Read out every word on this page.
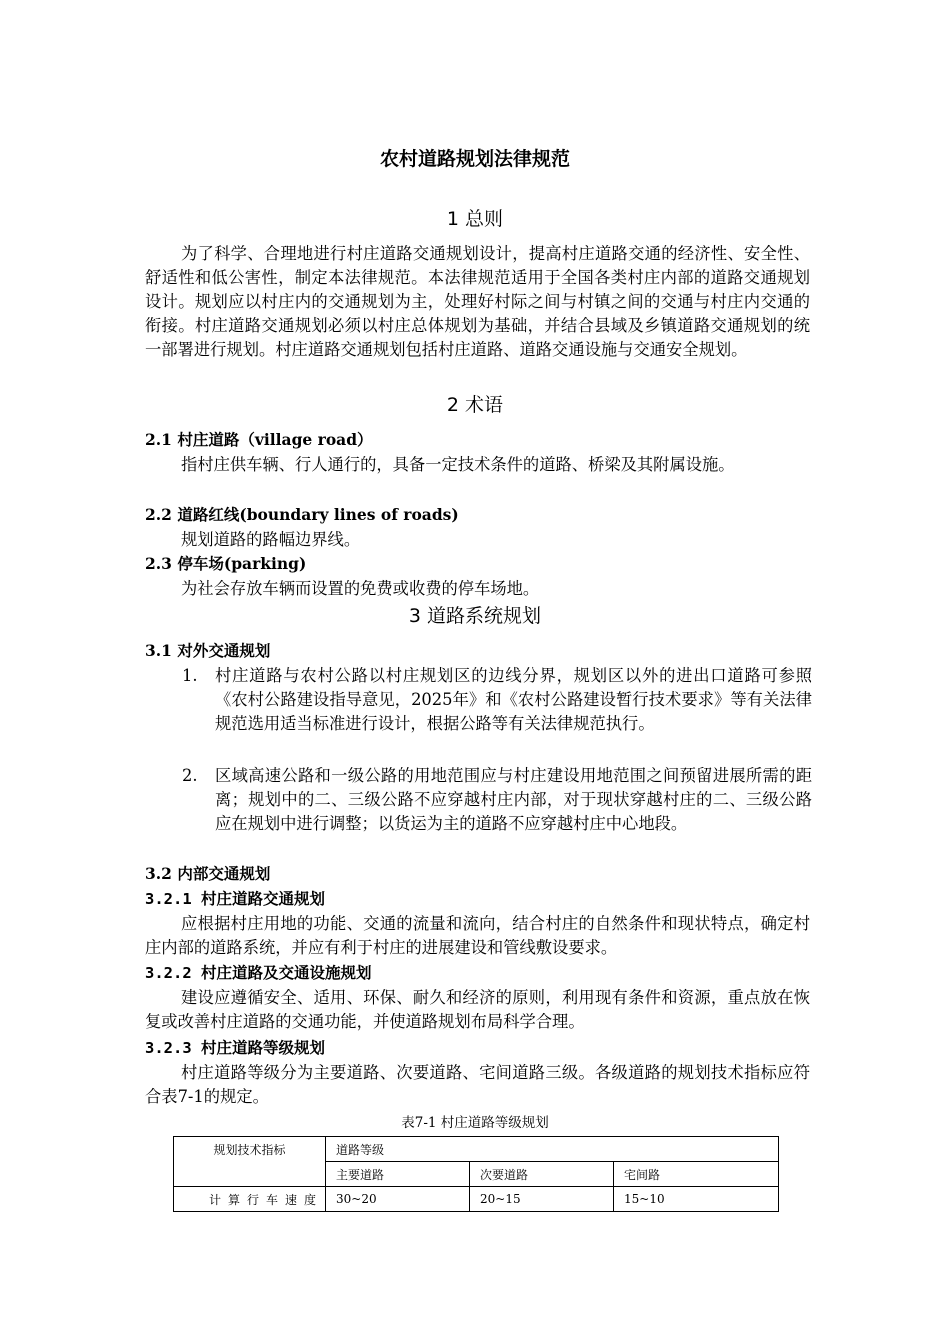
农村道路规划法律规范
1 总则

为了科学、合理地进行村庄道路交通规划设计，提高村庄道路交通的经济性、安全性、舒适性和低公害性，制定本法律规范。本法律规范适用于全国各类村庄内部的道路交通规划设计。规划应以村庄内的交通规划为主，处理好村际之间与村镇之间的交通与村庄内交通的衔接。村庄道路交通规划必须以村庄总体规划为基础，并结合县域及乡镇道路交通规划的统一部署进行规划。村庄道路交通规划包括村庄道路、道路交通设施与交通安全规划。

2 术语
2.1 村庄道路（village road）

指村庄供车辆、行人通行的，具备一定技术条件的道路、桥梁及其附属设施。

2.2 道路红线(boundary lines of roads)

规划道路的路幅边界线。

2.3 停车场(parking)

为社会存放车辆而设置的免费或收费的停车场地。

3 道路系统规划
3.1 对外交通规划
1.	村庄道路与农村公路以村庄规划区的边线分界，规划区以外的进出口道路可参照《农村公路建设指导意见，2025年》和《农村公路建设暂行技术要求》等有关法律规范选用适当标准进行设计，根据公路等有关法律规范执行。
2.	区域高速公路和一级公路的用地范围应与村庄建设用地范围之间预留进展所需的距离；规划中的二、三级公路不应穿越村庄内部，对于现状穿越村庄的二、三级公路应在规划中进行调整；以货运为主的道路不应穿越村庄中心地段。
3.2 内部交通规划
3.2.1 村庄道路交通规划

应根据村庄用地的功能、交通的流量和流向，结合村庄的自然条件和现状特点，确定村庄内部的道路系统，并应有利于村庄的进展建设和管线敷设要求。

3.2.2 村庄道路及交通设施规划

建设应遵循安全、适用、环保、耐久和经济的原则，利用现有条件和资源，重点放在恢复或改善村庄道路的交通功能，并使道路规划布局科学合理。

3.2.3 村庄道路等级规划

村庄道路等级分为主要道路、次要道路、宅间道路三级。各级道路的规划技术指标应符合表7-1的规定。

表7-1 村庄道路等级规划
规划技术指标	道路等级		
	主要道路	次要道路	宅间路
计算行车速度	30~20	20~15	15~10
